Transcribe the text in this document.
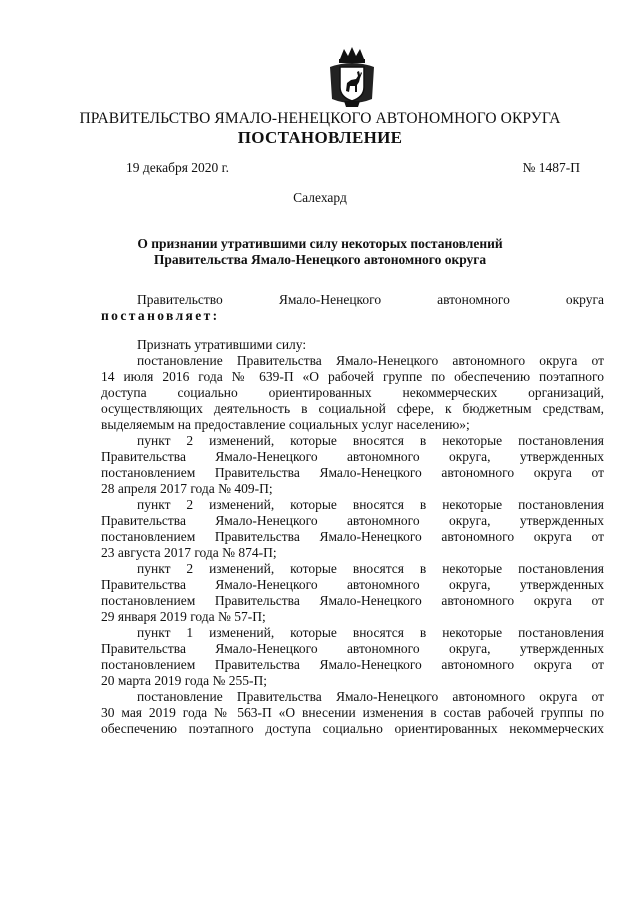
ПРАВИТЕЛЬСТВО ЯМАЛО-НЕНЕЦКОГО АВТОНОМНОГО ОКРУГА
ПОСТАНОВЛЕНИЕ
19 декабря 2020 г.	№ 1487-П
Салехард
О признании утратившими силу некоторых постановлений
Правительства Ямало-Ненецкого автономного округа
Правительство	Ямало-Ненецкого	автономного	округа
постановляет:
Признать утратившими силу:
постановление Правительства Ямало-Ненецкого автономного округа от
14 июля 2016 года № 639-П «О рабочей группе по обеспечению поэтапного
доступа социально ориентированных некоммерческих организаций,
осуществляющих деятельность в социальной сфере, к бюджетным средствам,
выделяемым на предоставление социальных услуг населению»;
пункт 2 изменений, которые вносятся в некоторые постановления
Правительства Ямало-Ненецкого автономного округа, утвержденных
постановлением Правительства Ямало-Ненецкого автономного округа от
28 апреля 2017 года № 409-П;
пункт 2 изменений, которые вносятся в некоторые постановления
Правительства Ямало-Ненецкого автономного округа, утвержденных
постановлением Правительства Ямало-Ненецкого автономного округа от
23 августа 2017 года № 874-П;
пункт 2 изменений, которые вносятся в некоторые постановления
Правительства Ямало-Ненецкого автономного округа, утвержденных
постановлением Правительства Ямало-Ненецкого автономного округа от
29 января 2019 года № 57-П;
пункт 1 изменений, которые вносятся в некоторые постановления
Правительства Ямало-Ненецкого автономного округа, утвержденных
постановлением Правительства Ямало-Ненецкого автономного округа от
20 марта 2019 года № 255-П;
постановление Правительства Ямало-Ненецкого автономного округа от
30 мая 2019 года № 563-П «О внесении изменения в состав рабочей группы по
обеспечению поэтапного доступа социально ориентированных некоммерческих
